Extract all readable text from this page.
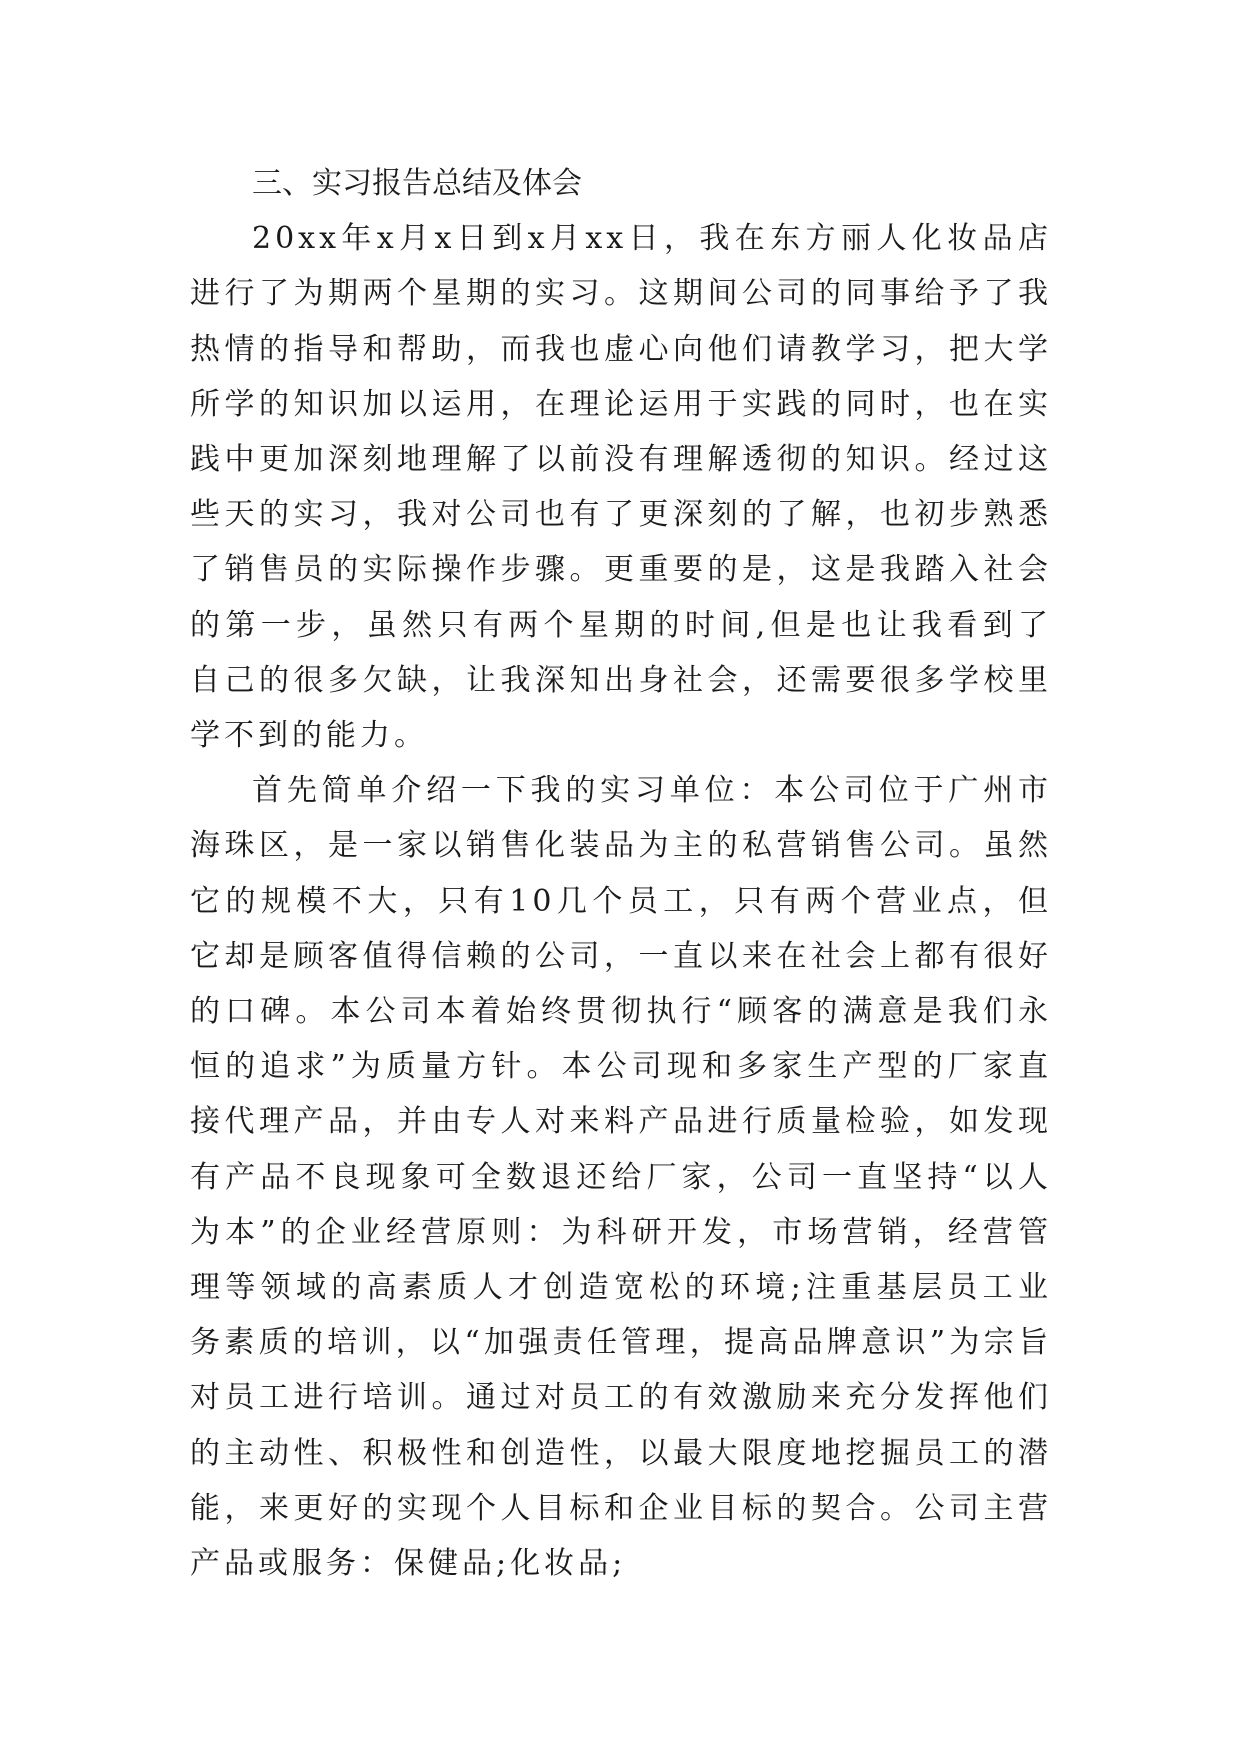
三、实习报告总结及体会

20xx年x月x日到x月xx日，我在东方丽人化妆品店进行了为期两个星期的实习。这期间公司的同事给予了我热情的指导和帮助，而我也虚心向他们请教学习，把大学所学的知识加以运用，在理论运用于实践的同时，也在实践中更加深刻地理解了以前没有理解透彻的知识。经过这些天的实习，我对公司也有了更深刻的了解，也初步熟悉了销售员的实际操作步骤。更重要的是，这是我踏入社会的第一步，虽然只有两个星期的时间,但是也让我看到了自己的很多欠缺，让我深知出身社会，还需要很多学校里学不到的能力。

首先简单介绍一下我的实习单位：本公司位于广州市海珠区，是一家以销售化装品为主的私营销售公司。虽然它的规模不大，只有10几个员工，只有两个营业点，但它却是顾客值得信赖的公司，一直以来在社会上都有很好的口碑。本公司本着始终贯彻执行“顾客的满意是我们永恒的追求”为质量方针。本公司现和多家生产型的厂家直接代理产品，并由专人对来料产品进行质量检验，如发现有产品不良现象可全数退还给厂家，公司一直坚持“以人为本”的企业经营原则：为科研开发，市场营销，经营管理等领域的高素质人才创造宽松的环境;注重基层员工业务素质的培训，以“加强责任管理，提高品牌意识”为宗旨对员工进行培训。通过对员工的有效激励来充分发挥他们的主动性、积极性和创造性，以最大限度地挖掘员工的潜能，来更好的实现个人目标和企业目标的契合。公司主营产品或服务：保健品;化妆品;
